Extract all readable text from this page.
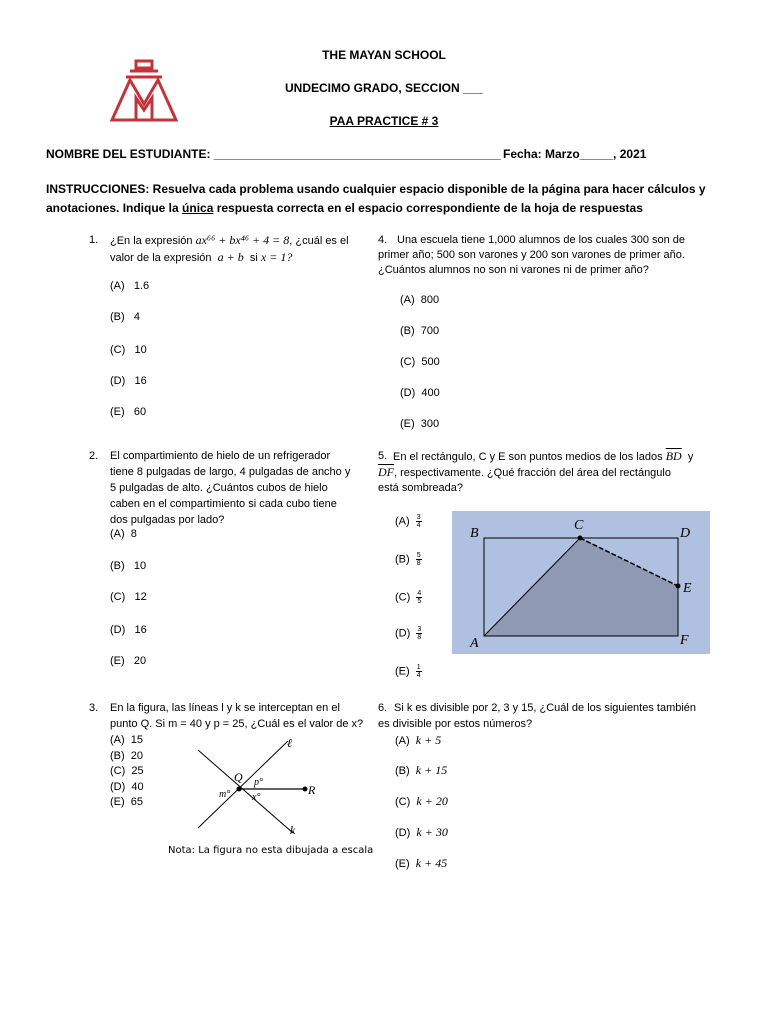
THE MAYAN SCHOOL
UNDECIMO GRADO, SECCION ___
PAA PRACTICE # 3
NOMBRE DEL ESTUDIANTE: ___________________________________________ Fecha: Marzo_____, 2021
INSTRUCCIONES: Resuelva cada problema usando cualquier espacio disponible de la página para hacer cálculos y
anotaciones. Indique la única respuesta correcta en el espacio correspondiente de la hoja de respuestas
1. ¿En la expresión ax⁶⁶ + bx⁴⁶ + 4 = 8, ¿cuál es el
valor de la expresión a + b si x = 1?
(A) 1.6
(B) 4
(C) 10
(D) 16
(E) 60
4. Una escuela tiene 1,000 alumnos de los cuales 300 son de
primer año; 500 son varones y 200 son varones de primer año.
¿Cuántos alumnos no son ni varones ni de primer año?
(A) 800
(B) 700
(C) 500
(D) 400
(E) 300
2. El compartimiento de hielo de un refrigerador
tiene 8 pulgadas de largo, 4 pulgadas de ancho y
5 pulgadas de alto. ¿Cuántos cubos de hielo
caben en el compartimiento si cada cubo tiene
dos pulgadas por lado?
(A) 8
(B) 10
(C) 12
(D) 16
(E) 20
5. En el rectángulo, C y E son puntos medios de los lados $\overline{BD}$ y
$\overline{DF}$, respectivamente. ¿Qué fracción del área del rectángulo
está sombreada?
$(A) \frac{3}{4}$
$(B) \frac{5}{8}$
$(C) \frac{4}{5}$
$(D) \frac{3}{8}$
$(E) \frac{1}{4}$
B
C
D
E
A	F
3. En la figura, las líneas l y k se interceptan en el
punto Q. Si m = 40 y p = 25, ¿Cuál es el valor de x?
(A) 15
(B) 20
(C) 25
(D) 40
(E) 65
ℓ
k
Q
R
m°
p°
x°
Nota: La figura no esta dibujada a escala
6. Si k es divisible por 2, 3 y 15, ¿Cuál de los siguientes también
es divisible por estos números?
(A) k + 5
(B) k + 15
(C) k + 20
(D) k + 30
(E) k + 45
